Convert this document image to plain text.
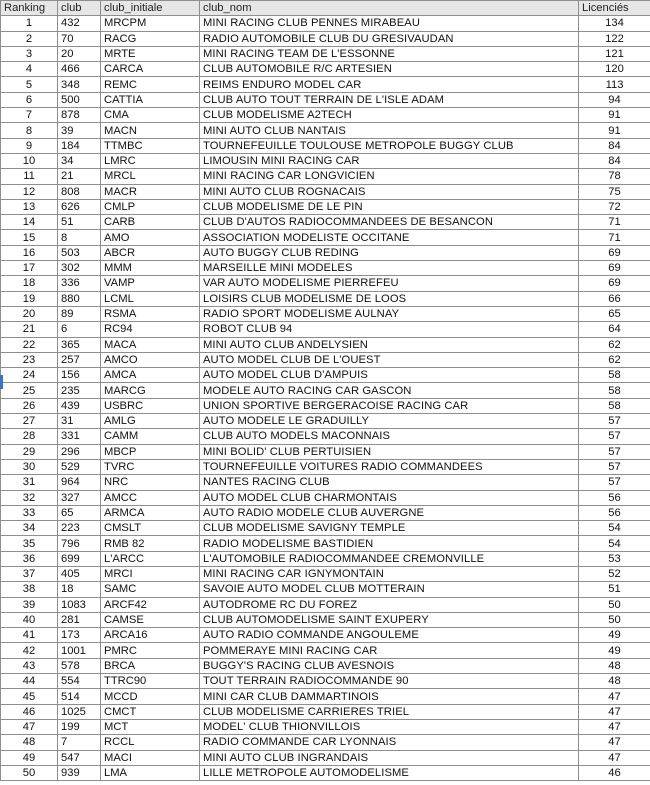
Ranking	club	club_initiale	club_nom	Licenciés
1	432	MRCPM	MINI RACING CLUB PENNES MIRABEAU	134
2	70	RACG	RADIO AUTOMOBILE CLUB DU GRESIVAUDAN	122
3	20	MRTE	MINI RACING TEAM DE L'ESSONNE	121
4	466	CARCA	CLUB AUTOMOBILE R/C ARTESIEN	120
5	348	REMC	REIMS ENDURO MODEL CAR	113
6	500	CATTIA	CLUB AUTO TOUT TERRAIN DE L'ISLE ADAM	94
7	878	CMA	CLUB MODELISME A2TECH	91
8	39	MACN	MINI AUTO CLUB NANTAIS	91
9	184	TTMBC	TOURNEFEUILLE TOULOUSE METROPOLE BUGGY CLUB	84
10	34	LMRC	LIMOUSIN MINI RACING CAR	84
11	21	MRCL	MINI RACING CAR LONGVICIEN	78
12	808	MACR	MINI AUTO CLUB ROGNACAIS	75
13	626	CMLP	CLUB MODELISME DE LE PIN	72
14	51	CARB	CLUB D'AUTOS RADIOCOMMANDEES DE BESANCON	71
15	8	AMO	ASSOCIATION MODELISTE OCCITANE	71
16	503	ABCR	AUTO BUGGY CLUB REDING	69
17	302	MMM	MARSEILLE MINI MODELES	69
18	336	VAMP	VAR AUTO MODELISME PIERREFEU	69
19	880	LCML	LOISIRS CLUB MODELISME DE LOOS	66
20	89	RSMA	RADIO SPORT MODELISME AULNAY	65
21	6	RC94	ROBOT CLUB 94	64
22	365	MACA	MINI AUTO CLUB ANDELYSIEN	62
23	257	AMCO	AUTO MODEL CLUB DE L'OUEST	62
24	156	AMCA	AUTO MODEL CLUB D'AMPUIS	58
25	235	MARCG	MODELE AUTO RACING CAR GASCON	58
26	439	USBRC	UNION SPORTIVE BERGERACOISE RACING CAR	58
27	31	AMLG	AUTO MODELE LE GRADUILLY	57
28	331	CAMM	CLUB AUTO MODELS MACONNAIS	57
29	296	MBCP	MINI BOLID' CLUB PERTUISIEN	57
30	529	TVRC	TOURNEFEUILLE VOITURES RADIO COMMANDEES	57
31	964	NRC	NANTES RACING CLUB	57
32	327	AMCC	AUTO MODEL CLUB CHARMONTAIS	56
33	65	ARMCA	AUTO RADIO MODELE CLUB AUVERGNE	56
34	223	CMSLT	CLUB MODELISME SAVIGNY TEMPLE	54
35	796	RMB 82	RADIO MODELISME BASTIDIEN	54
36	699	L'ARCC	L'AUTOMOBILE RADIOCOMMANDEE CREMONVILLE	53
37	405	MRCI	MINI RACING CAR IGNYMONTAIN	52
38	18	SAMC	SAVOIE AUTO MODEL CLUB MOTTERAIN	51
39	1083	ARCF42	AUTODROME RC DU FOREZ	50
40	281	CAMSE	CLUB AUTOMODELISME SAINT EXUPERY	50
41	173	ARCA16	AUTO RADIO COMMANDE ANGOULEME	49
42	1001	PMRC	POMMERAYE MINI RACING CAR	49
43	578	BRCA	BUGGY'S RACING CLUB AVESNOIS	48
44	554	TTRC90	TOUT TERRAIN RADIOCOMMANDE 90	48
45	514	MCCD	MINI CAR CLUB DAMMARTINOIS	47
46	1025	CMCT	CLUB MODELISME CARRIERES TRIEL	47
47	199	MCT	MODEL' CLUB THIONVILLOIS	47
48	7	RCCL	RADIO COMMANDE CAR LYONNAIS	47
49	547	MACI	MINI AUTO CLUB INGRANDAIS	47
50	939	LMA	LILLE METROPOLE AUTOMODELISME	46
